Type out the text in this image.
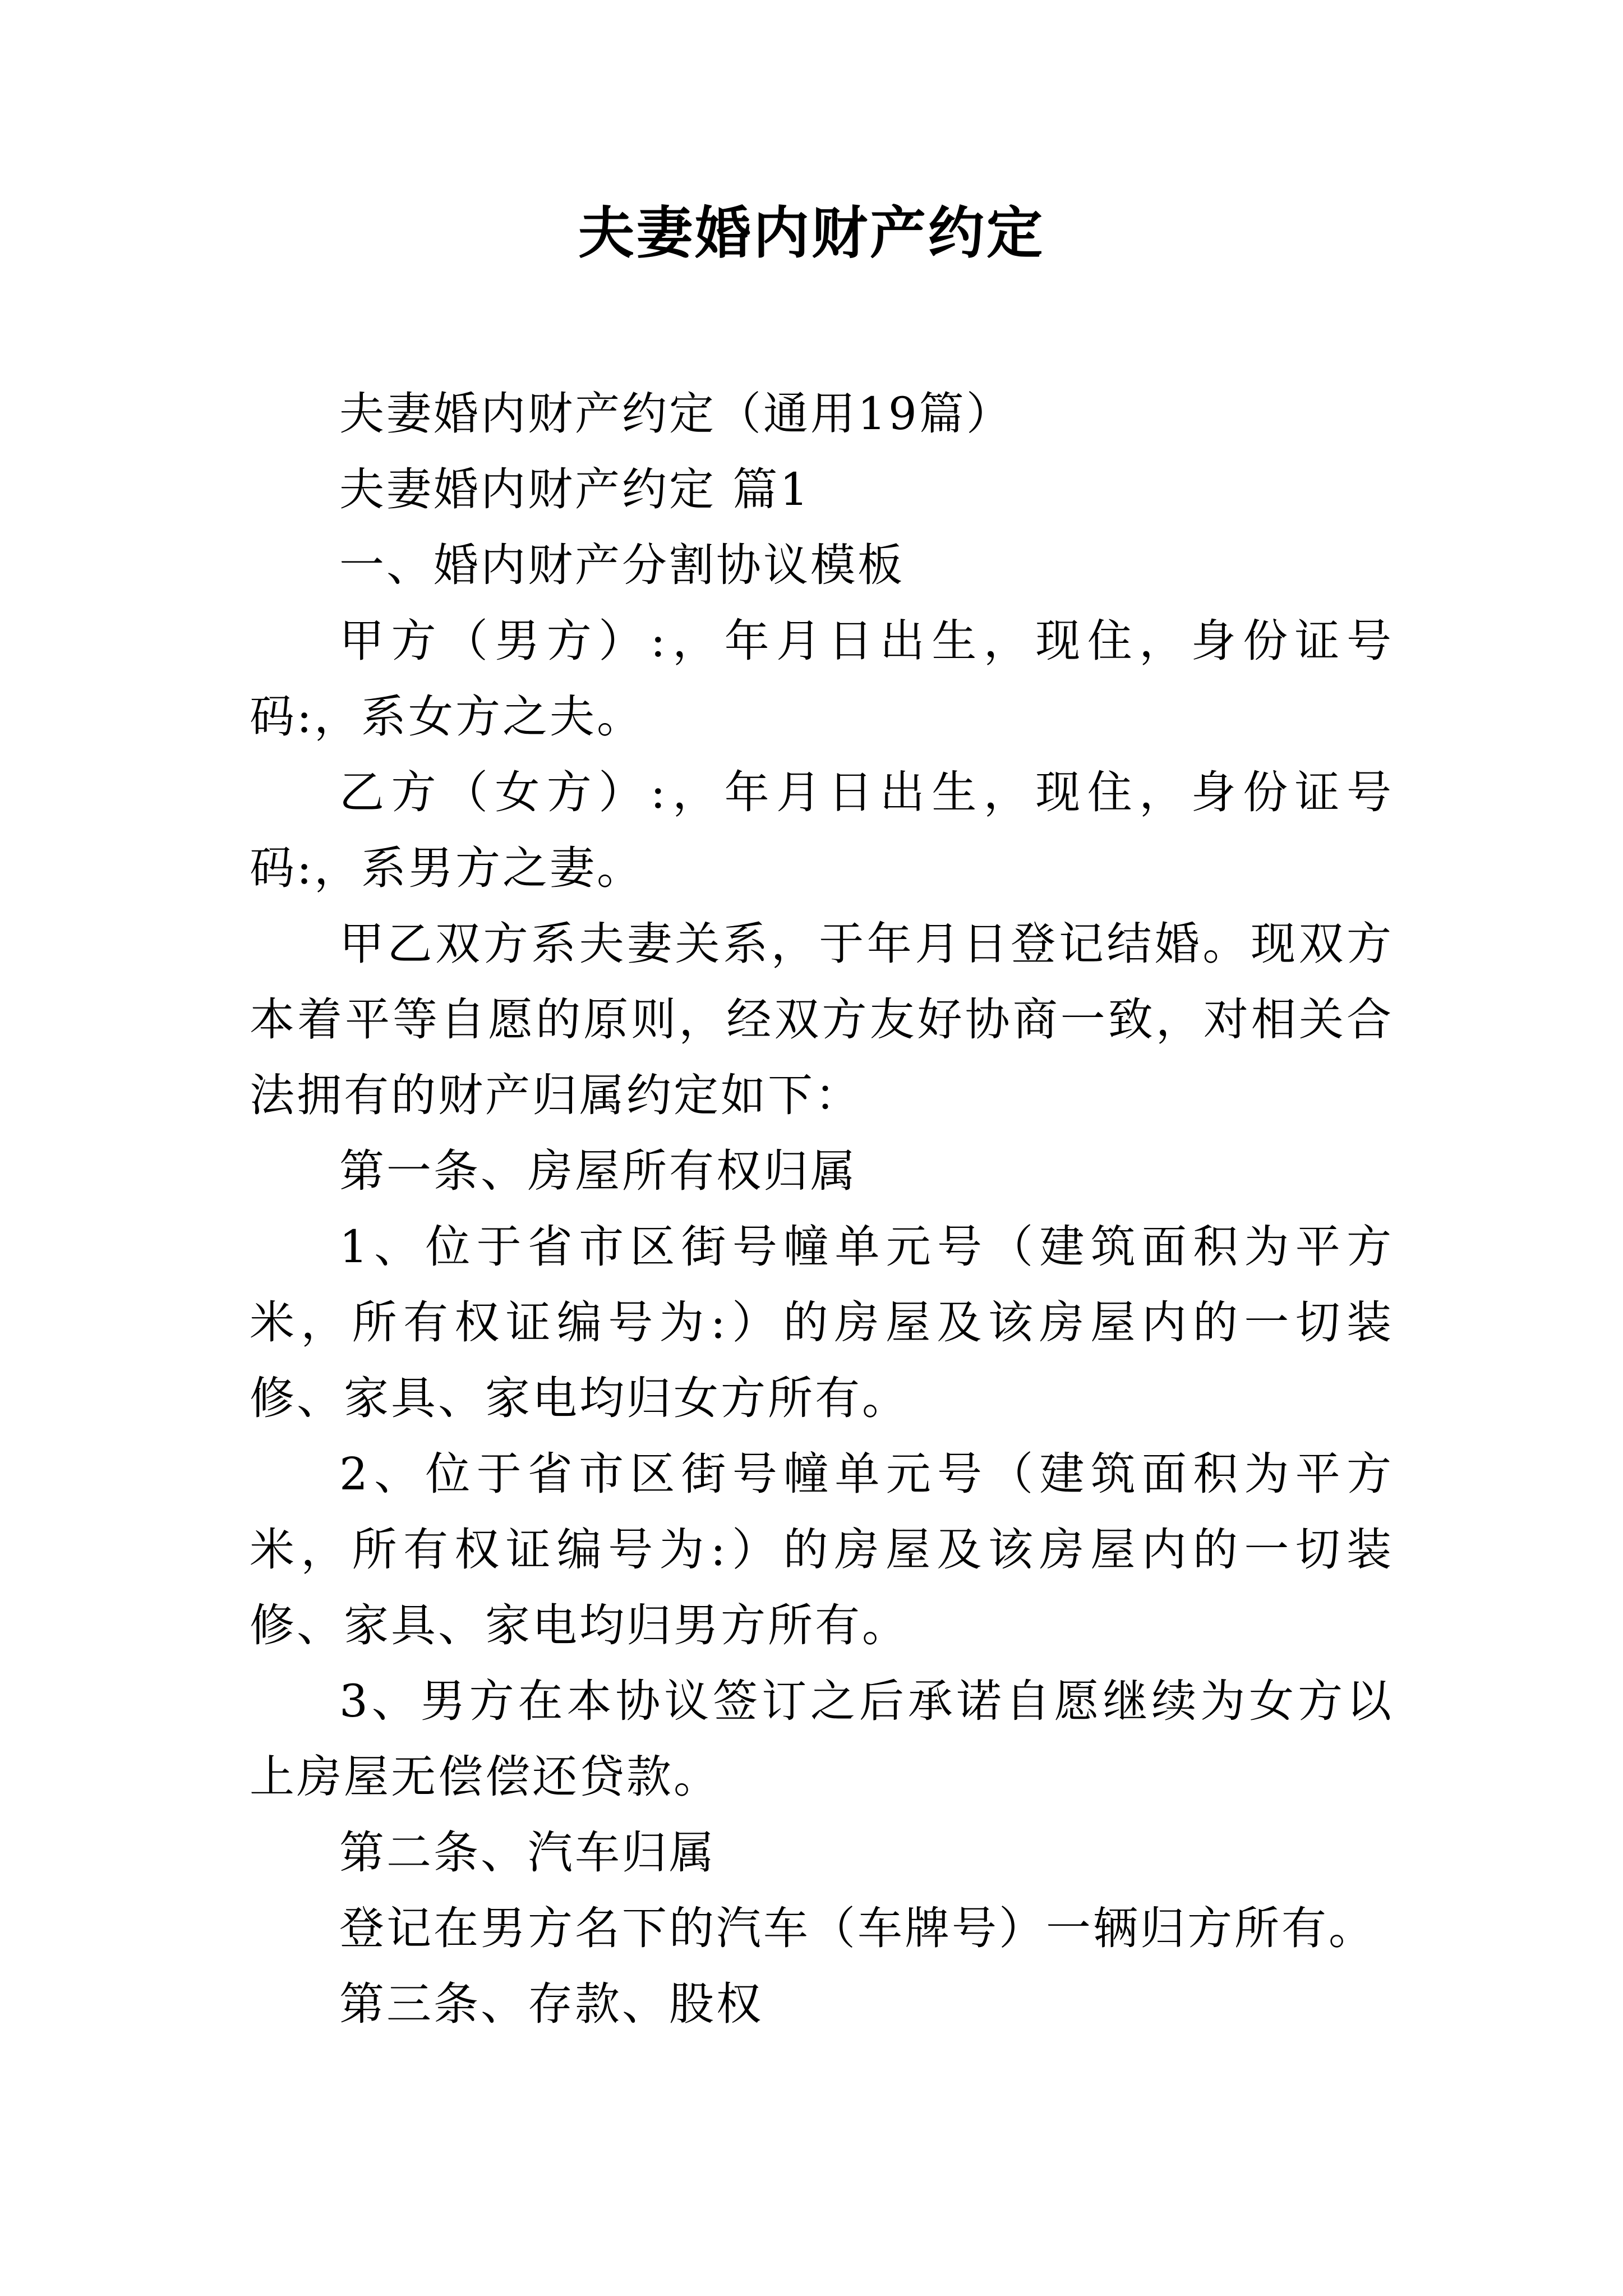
夫妻婚内财产约定

夫妻婚内财产约定（通用19篇）

夫妻婚内财产约定 篇1

一、婚内财产分割协议模板

甲方（男方）:，年月日出生，现住，身份证号码:，系女方之夫。

乙方（女方）:，年月日出生，现住，身份证号码:，系男方之妻。

甲乙双方系夫妻关系，于年月日登记结婚。现双方本着平等自愿的原则，经双方友好协商一致，对相关合法拥有的财产归属约定如下：

第一条、房屋所有权归属

1、位于省市区街号幢单元号（建筑面积为平方米，所有权证编号为:）的房屋及该房屋内的一切装修、家具、家电均归女方所有。

2、位于省市区街号幢单元号（建筑面积为平方米，所有权证编号为:）的房屋及该房屋内的一切装修、家具、家电均归男方所有。

3、男方在本协议签订之后承诺自愿继续为女方以上房屋无偿偿还贷款。

第二条、汽车归属

登记在男方名下的汽车（车牌号）一辆归方所有。

第三条、存款、股权
